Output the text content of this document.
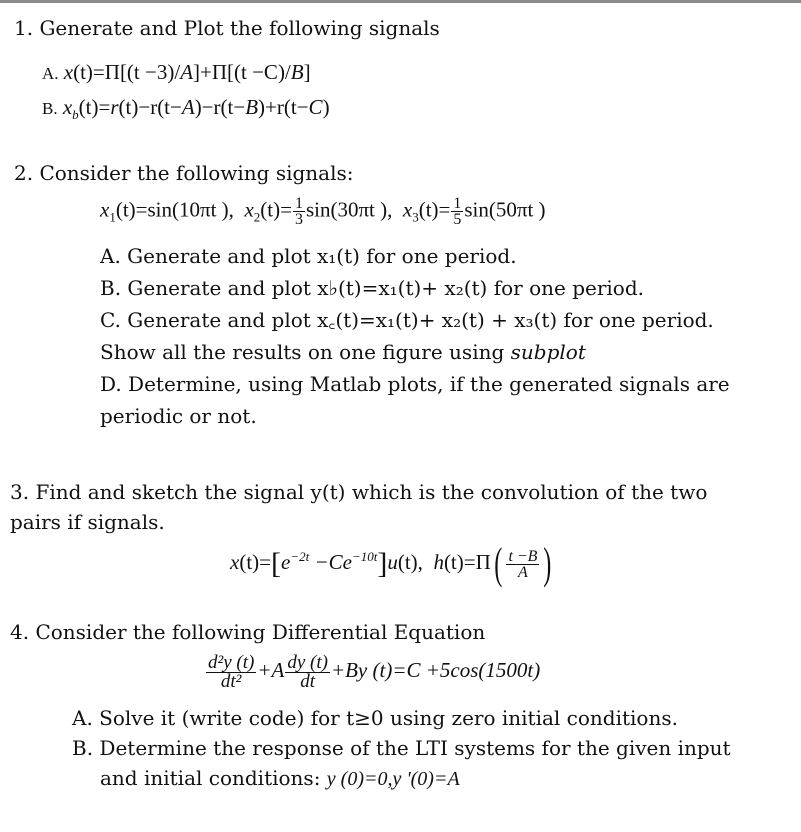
1. Generate and Plot the following signals
A. x(t)=Π[(t −3)/A]+Π[(t −C)/B]
B. $x_b(t)=r(t)-r(t-A)-r(t-B)+r(t-C)$
2. Consider the following signals:
$x_1(t)=\sin(10\pi t$ ), $x_2(t)= \frac{1}{3} \sin(30\pi t$ ), $x_3(t)= \frac{1}{5} \sin(50\pi t$ )
A. Generate and plot x₁(t) for one period.
B. Generate and plot x♭(t)=x₁(t)+ x₂(t) for one period.
C. Generate and plot x꜀(t)=x₁(t)+ x₂(t) + x₃(t) for one period.
Show all the results on one figure using subplot
D. Determine, using Matlab plots, if the generated signals are
periodic or not.
3. Find and sketch the signal y(t) which is the convolution of the two
pairs if signals.
$x(t)=[e^{-2t} -Ce^{-10t}]u(t)$, $h(t)=\Pi( \frac{t -B}{A}$ )
4. Consider the following Differential Equation
$\frac{\text{d²y (t)}}{\text{dt²}} +A \frac{dy (t)}{dt} +By$ (t)=C +5cos(1500t)
A. Solve it (write code) for t≥0 using zero initial conditions.
B. Determine the response of the LTI systems for the given input
and initial conditions: y (0)=0,y '(0)=A
